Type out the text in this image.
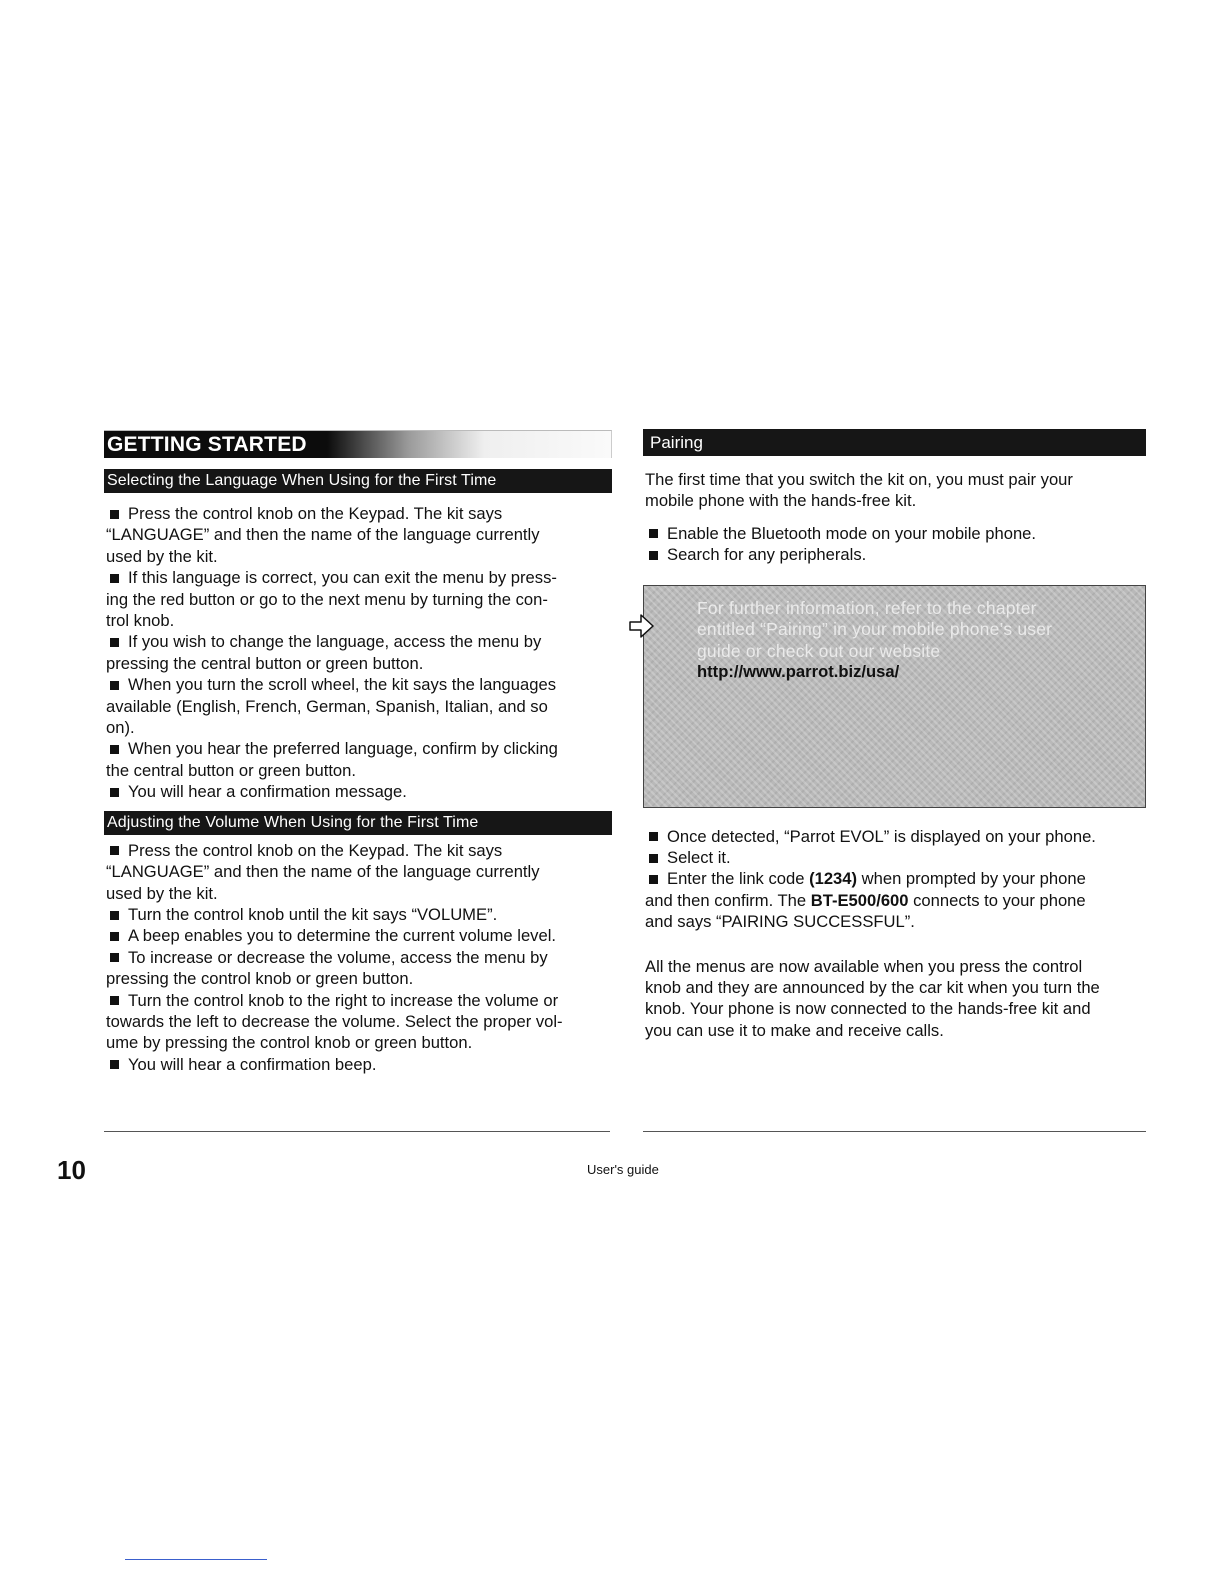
GETTING STARTED
Selecting the Language When Using for the First Time
Press the control knob on the Keypad. The kit says
“LANGUAGE” and then the name of the language currently
used by the kit.
If this language is correct, you can exit the menu by press-
ing the red button or go to the next menu by turning the con-
trol knob.
If you wish to change the language, access the menu by
pressing the central button or green button.
When you turn the scroll wheel, the kit says the languages
available (English, French, German, Spanish, Italian, and so
on).
When you hear the preferred language, confirm by clicking
the central button or green button.
You will hear a confirmation message.
Adjusting the Volume When Using for the First Time
Press the control knob on the Keypad. The kit says
“LANGUAGE” and then the name of the language currently
used by the kit.
Turn the control knob until the kit says “VOLUME”.
A beep enables you to determine the current volume level.
To increase or decrease the volume, access the menu by
pressing the control knob or green button.
Turn the control knob to the right to increase the volume or
towards the left to decrease the volume. Select the proper vol-
ume by pressing the control knob or green button.
You will hear a confirmation beep.
Pairing
The first time that you switch the kit on, you must pair your
mobile phone with the hands-free kit.
Enable the Bluetooth mode on your mobile phone.
Search for any peripherals.
For further information, refer to the chapter
entitled “Pairing” in your mobile phone’s user
guide or check out our website
http://www.parrot.biz/usa/
Once detected, “Parrot EVOL” is displayed on your phone.
Select it.
Enter the link code (1234) when prompted by your phone
and then confirm. The BT-E500/600 connects to your phone
and says “PAIRING SUCCESSFUL”.
All the menus are now available when you press the control
knob and they are announced by the car kit when you turn the
knob. Your phone is now connected to the hands-free kit and
you can use it to make and receive calls.
10	User's guide
